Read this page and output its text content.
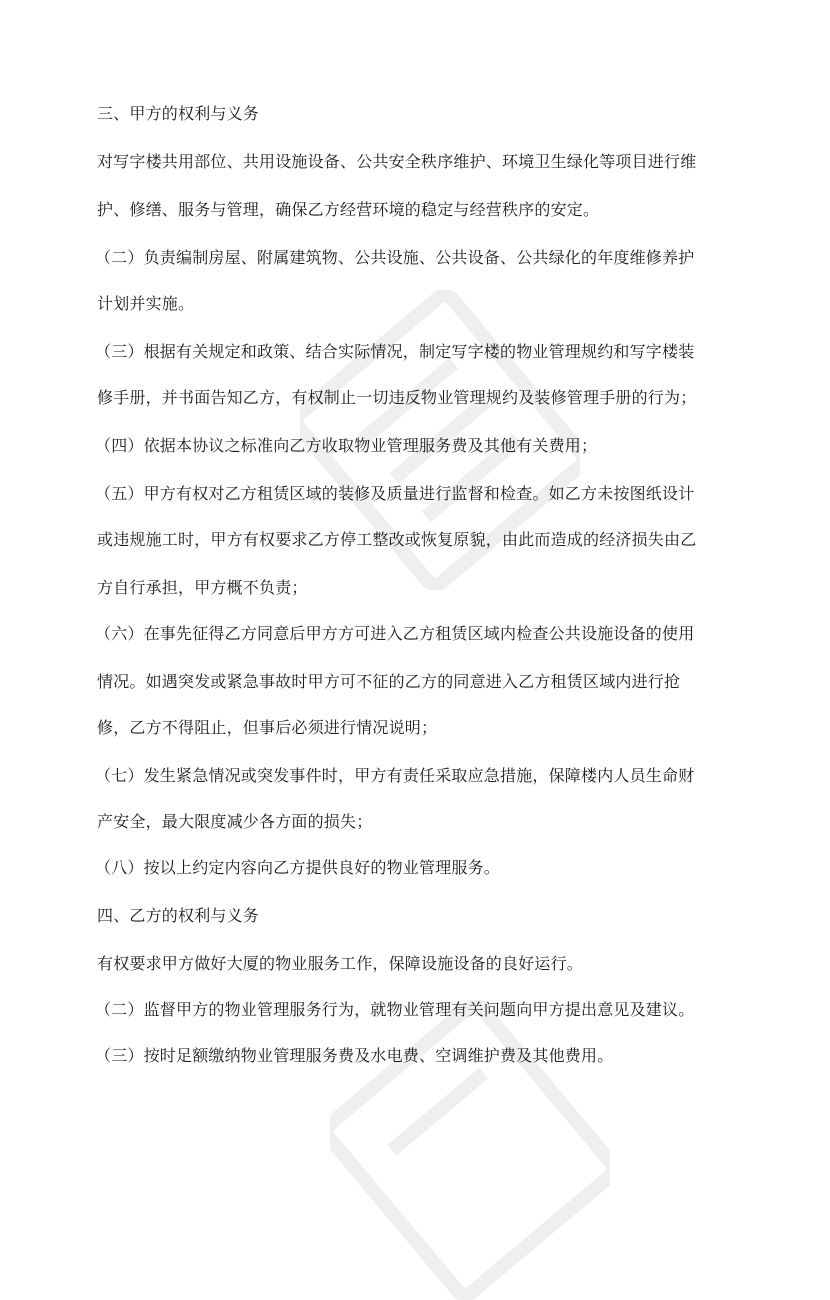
三、甲方的权利与义务
对写字楼共用部位、共用设施设备、公共安全秩序维护、环境卫生绿化等项目进行维
护、修缮、服务与管理，确保乙方经营环境的稳定与经营秩序的安定。
（二）负责编制房屋、附属建筑物、公共设施、公共设备、公共绿化的年度维修养护
计划并实施。
（三）根据有关规定和政策、结合实际情况，制定写字楼的物业管理规约和写字楼装
修手册，并书面告知乙方，有权制止一切违反物业管理规约及装修管理手册的行为；
（四）依据本协议之标准向乙方收取物业管理服务费及其他有关费用；
（五）甲方有权对乙方租赁区域的装修及质量进行监督和检查。如乙方未按图纸设计
或违规施工时，甲方有权要求乙方停工整改或恢复原貌，由此而造成的经济损失由乙
方自行承担，甲方概不负责；
（六）在事先征得乙方同意后甲方方可进入乙方租赁区域内检查公共设施设备的使用
情况。如遇突发或紧急事故时甲方可不征的乙方的同意进入乙方租赁区域内进行抢
修，乙方不得阻止，但事后必须进行情况说明；
（七）发生紧急情况或突发事件时，甲方有责任采取应急措施，保障楼内人员生命财
产安全，最大限度减少各方面的损失；
（八）按以上约定内容向乙方提供良好的物业管理服务。
四、乙方的权利与义务
有权要求甲方做好大厦的物业服务工作，保障设施设备的良好运行。
（二）监督甲方的物业管理服务行为，就物业管理有关问题向甲方提出意见及建议。
（三）按时足额缴纳物业管理服务费及水电费、空调维护费及其他费用。
